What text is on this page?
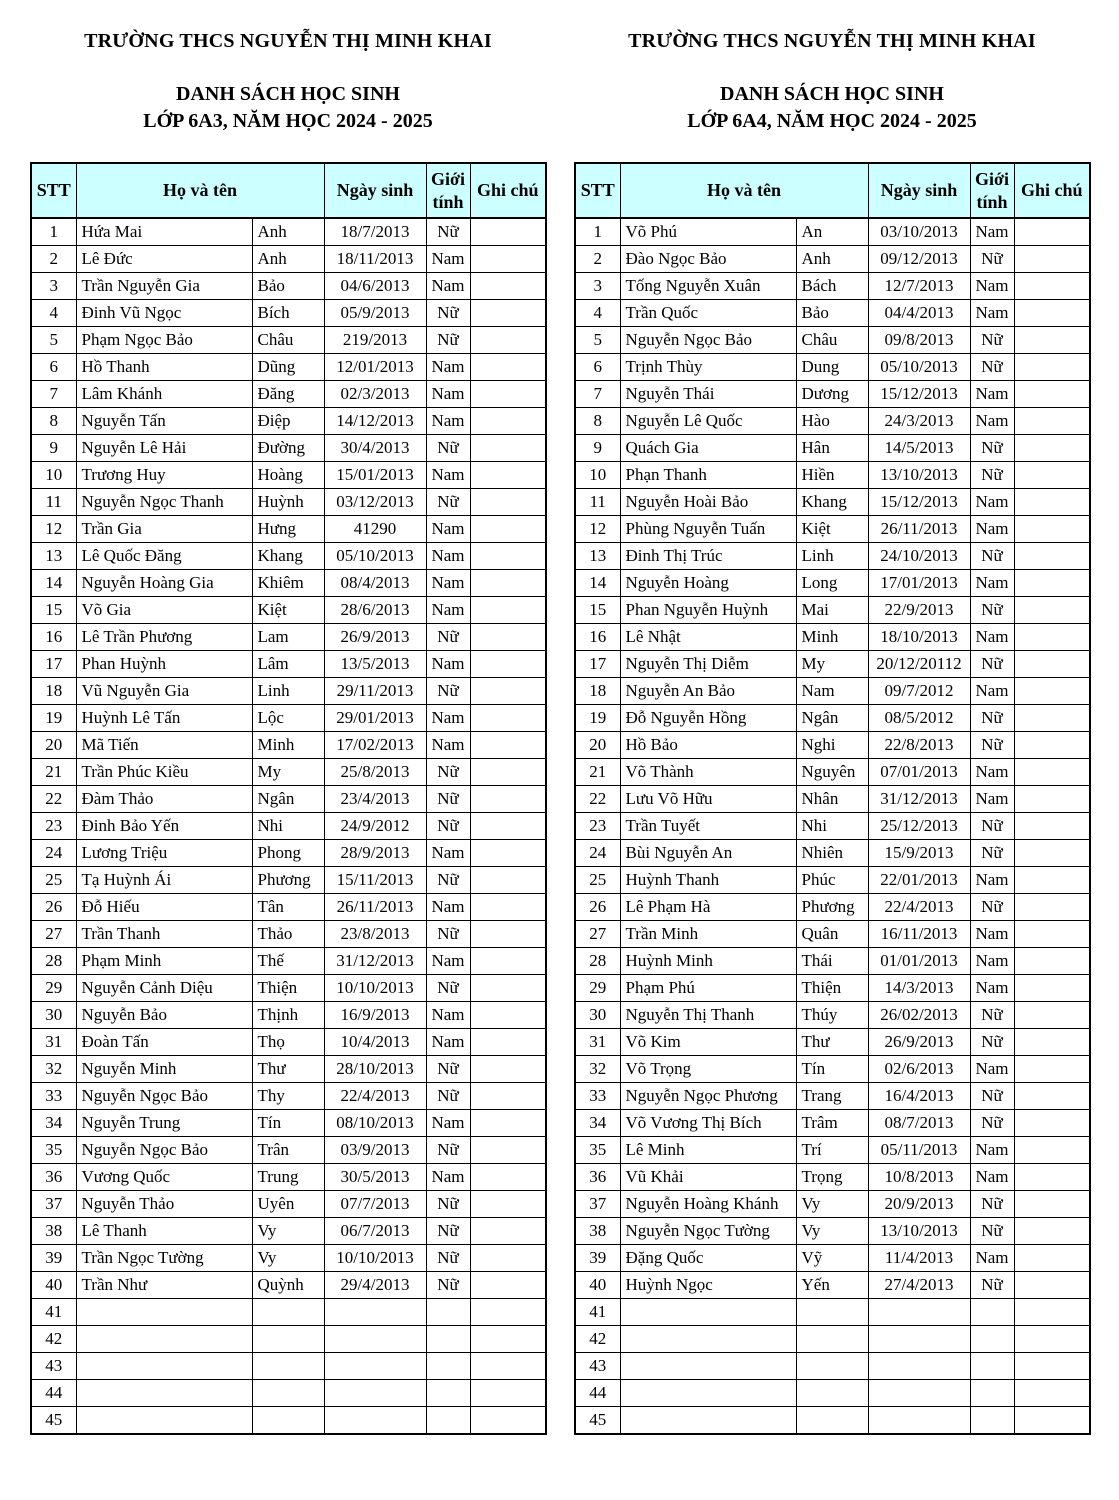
TRƯỜNG THCS NGUYỄN THỊ MINH KHAI
DANH SÁCH HỌC SINH
LỚP 6A3, NĂM HỌC 2024 - 2025
STT	Họ và tên		Ngày sinh	Giới tính	Ghi chú
1	Hứa Mai	Anh	18/7/2013	Nữ	
2	Lê Đức	Anh	18/11/2013	Nam	
3	Trần Nguyễn Gia	Bảo	04/6/2013	Nam	
4	Đinh Vũ Ngọc	Bích	05/9/2013	Nữ	
5	Phạm Ngọc Bảo	Châu	219/2013	Nữ	
6	Hồ Thanh	Dũng	12/01/2013	Nam	
7	Lâm Khánh	Đăng	02/3/2013	Nam	
8	Nguyễn Tấn	Điệp	14/12/2013	Nam	
9	Nguyễn Lê Hải	Đường	30/4/2013	Nữ	
10	Trương Huy	Hoàng	15/01/2013	Nam	
11	Nguyễn Ngọc Thanh	Huỳnh	03/12/2013	Nữ	
12	Trần Gia	Hưng	41290	Nam	
13	Lê Quốc Đăng	Khang	05/10/2013	Nam	
14	Nguyễn Hoàng Gia	Khiêm	08/4/2013	Nam	
15	Võ Gia	Kiệt	28/6/2013	Nam	
16	Lê Trần Phương	Lam	26/9/2013	Nữ	
17	Phan Huỳnh	Lâm	13/5/2013	Nam	
18	Vũ Nguyễn Gia	Linh	29/11/2013	Nữ	
19	Huỳnh Lê Tấn	Lộc	29/01/2013	Nam	
20	Mã Tiến	Minh	17/02/2013	Nam	
21	Trần Phúc Kiều	My	25/8/2013	Nữ	
22	Đàm Thảo	Ngân	23/4/2013	Nữ	
23	Đinh Bảo Yến	Nhi	24/9/2012	Nữ	
24	Lương Triệu	Phong	28/9/2013	Nam	
25	Tạ Huỳnh Ái	Phương	15/11/2013	Nữ	
26	Đỗ Hiếu	Tân	26/11/2013	Nam	
27	Trần Thanh	Thảo	23/8/2013	Nữ	
28	Phạm Minh	Thế	31/12/2013	Nam	
29	Nguyễn Cảnh Diệu	Thiện	10/10/2013	Nữ	
30	Nguyễn Bảo	Thịnh	16/9/2013	Nam	
31	Đoàn Tấn	Thọ	10/4/2013	Nam	
32	Nguyễn Minh	Thư	28/10/2013	Nữ	
33	Nguyễn Ngọc Bảo	Thy	22/4/2013	Nữ	
34	Nguyễn Trung	Tín	08/10/2013	Nam	
35	Nguyễn Ngọc Bảo	Trân	03/9/2013	Nữ	
36	Vương Quốc	Trung	30/5/2013	Nam	
37	Nguyễn Thảo	Uyên	07/7/2013	Nữ	
38	Lê Thanh	Vy	06/7/2013	Nữ	
39	Trần Ngọc Tường	Vy	10/10/2013	Nữ	
40	Trần Như	Quỳnh	29/4/2013	Nữ	
41					
42					
43					
44					
45					
TRƯỜNG THCS NGUYỄN THỊ MINH KHAI
DANH SÁCH HỌC SINH
LỚP 6A4, NĂM HỌC 2024 - 2025
STT	Họ và tên		Ngày sinh	Giới tính	Ghi chú
1	Võ Phú	An	03/10/2013	Nam	
2	Đào Ngọc Bảo	Anh	09/12/2013	Nữ	
3	Tống Nguyễn Xuân	Bách	12/7/2013	Nam	
4	Trần Quốc	Bảo	04/4/2013	Nam	
5	Nguyễn Ngọc Bảo	Châu	09/8/2013	Nữ	
6	Trịnh Thùy	Dung	05/10/2013	Nữ	
7	Nguyễn Thái	Dương	15/12/2013	Nam	
8	Nguyễn Lê Quốc	Hào	24/3/2013	Nam	
9	Quách Gia	Hân	14/5/2013	Nữ	
10	Phạn Thanh	Hiền	13/10/2013	Nữ	
11	Nguyễn Hoài Bảo	Khang	15/12/2013	Nam	
12	Phùng Nguyễn Tuấn	Kiệt	26/11/2013	Nam	
13	Đinh Thị Trúc	Linh	24/10/2013	Nữ	
14	Nguyễn Hoàng	Long	17/01/2013	Nam	
15	Phan Nguyễn Huỳnh	Mai	22/9/2013	Nữ	
16	Lê Nhật	Minh	18/10/2013	Nam	
17	Nguyễn Thị Diễm	My	20/12/20112	Nữ	
18	Nguyễn An Bảo	Nam	09/7/2012	Nam	
19	Đỗ Nguyễn Hồng	Ngân	08/5/2012	Nữ	
20	Hồ Bảo	Nghi	22/8/2013	Nữ	
21	Võ Thành	Nguyên	07/01/2013	Nam	
22	Lưu Võ Hữu	Nhân	31/12/2013	Nam	
23	Trần Tuyết	Nhi	25/12/2013	Nữ	
24	Bùi Nguyễn An	Nhiên	15/9/2013	Nữ	
25	Huỳnh Thanh	Phúc	22/01/2013	Nam	
26	Lê Phạm Hà	Phương	22/4/2013	Nữ	
27	Trần Minh	Quân	16/11/2013	Nam	
28	Huỳnh Minh	Thái	01/01/2013	Nam	
29	Phạm Phú	Thiện	14/3/2013	Nam	
30	Nguyễn Thị Thanh	Thúy	26/02/2013	Nữ	
31	Võ Kim	Thư	26/9/2013	Nữ	
32	Võ Trọng	Tín	02/6/2013	Nam	
33	Nguyễn Ngọc Phương	Trang	16/4/2013	Nữ	
34	Võ Vương Thị Bích	Trâm	08/7/2013	Nữ	
35	Lê Minh	Trí	05/11/2013	Nam	
36	Vũ Khải	Trọng	10/8/2013	Nam	
37	Nguyễn Hoàng Khánh	Vy	20/9/2013	Nữ	
38	Nguyễn Ngọc Tường	Vy	13/10/2013	Nữ	
39	Đặng Quốc	Vỹ	11/4/2013	Nam	
40	Huỳnh Ngọc	Yến	27/4/2013	Nữ	
41					
42					
43					
44					
45					
